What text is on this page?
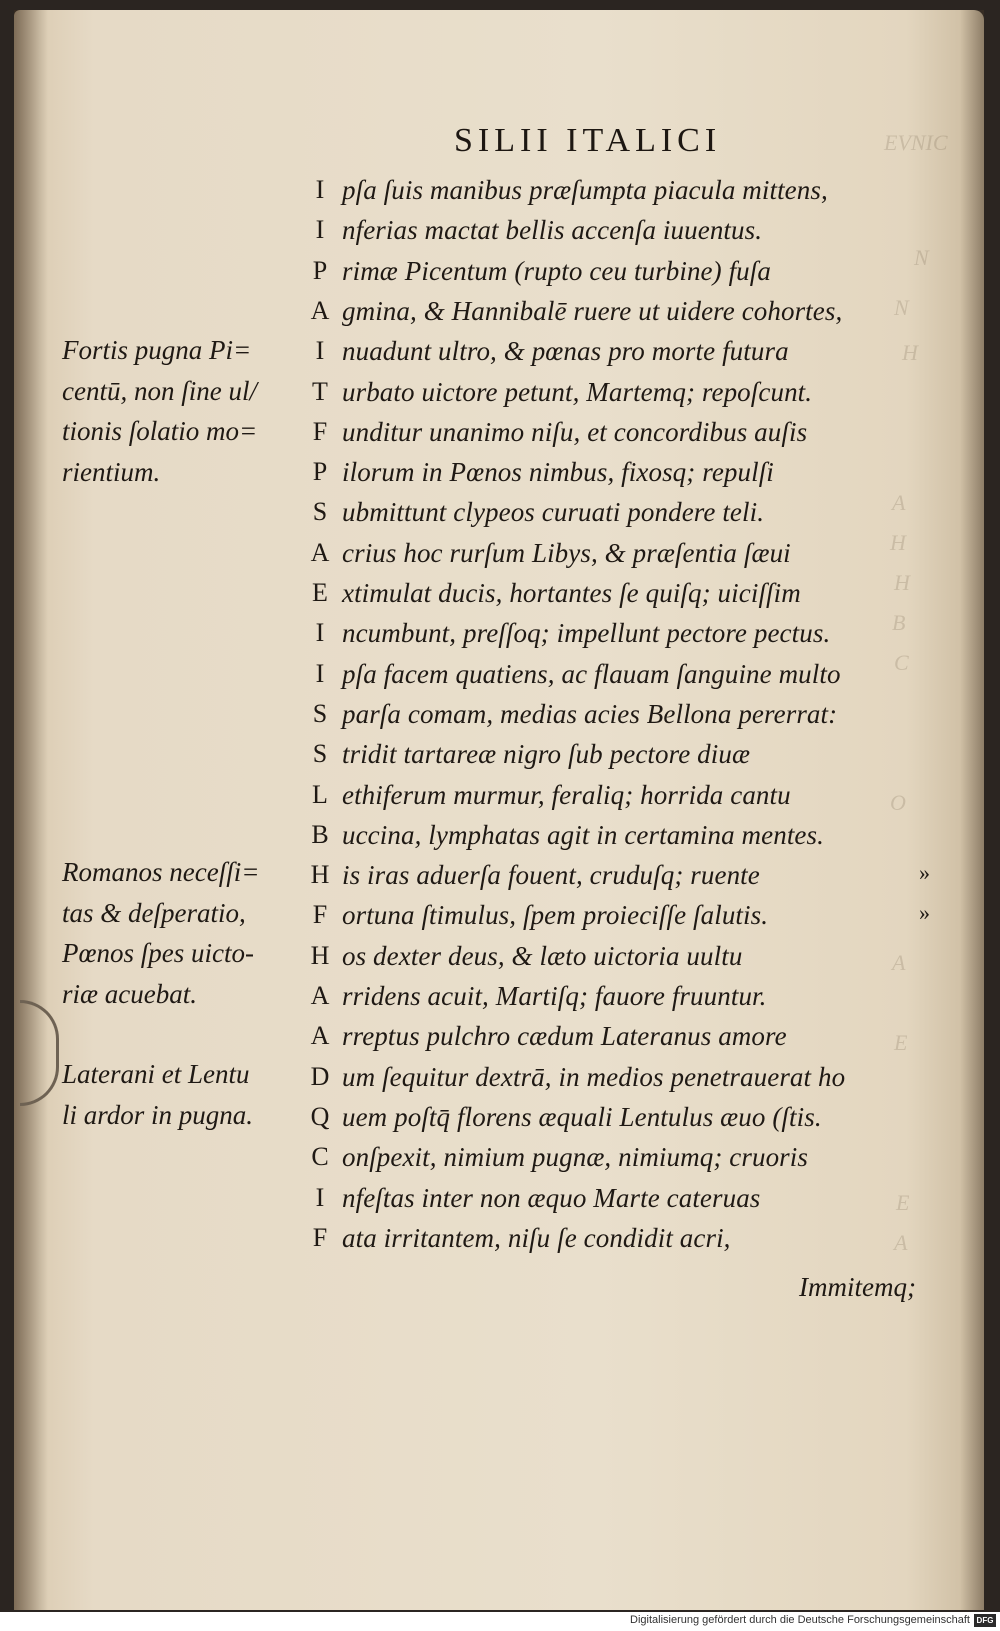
EVNIC
N
N
H
A
H
H
B
C
O
A
E
E
A
SILII ITALICI
I pſa ſuis manibus præſumpta piacula mittens,
I nferias mactat bellis accenſa iuuentus.
P rimæ Picentum (rupto ceu turbine) fuſa
A gmina, & Hannibalē ruere ut uidere cohortes,
I nuadunt ultro, & pœnas pro morte futura
T urbato uictore petunt, Martemq; repoſcunt.
F unditur unanimo niſu, et concordibus auſis
P ilorum in Pœnos nimbus, fixosq; repulſi
S ubmittunt clypeos curuati pondere teli.
A crius hoc rurſum Libys, & præſentia ſæui
E xtimulat ducis, hortantes ſe quiſq; uiciſſim
I ncumbunt, preſſoq; impellunt pectore pectus.
I pſa facem quatiens, ac flauam ſanguine multo
S parſa comam, medias acies Bellona pererrat:
S tridit tartareæ nigro ſub pectore diuæ
L ethiferum murmur, feraliq; horrida cantu
B uccina, lymphatas agit in certamina mentes.
H is iras aduerſa fouent, cruduſq; ruente
F ortuna ſtimulus, ſpem proieciſſe ſalutis.
H os dexter deus, & læto uictoria uultu
A rridens acuit, Martiſq; fauore fruuntur.
A rreptus pulchro cædum Lateranus amore
D um ſequitur dextrā, in medios penetrauerat ho
Q uem poſtq̄ florens æquali Lentulus æuo (ſtis.
C onſpexit, nimium pugnæ, nimiumq; cruoris
I nfeſtas inter non æquo Marte cateruas
F ata irritantem, niſu ſe condidit acri,
Fortis pugna Pi=
centū, non ſine ul/
tionis ſolatio mo=
rientium.
Romanos neceſſi=
tas & deſperatio,
Pœnos ſpes uicto-
riæ acuebat.
Laterani et Lentu
li ardor in pugna.
»
»
Immitemq;
Digitalisierung gefördert durch die Deutsche Forschungsgemeinschaft DFG
